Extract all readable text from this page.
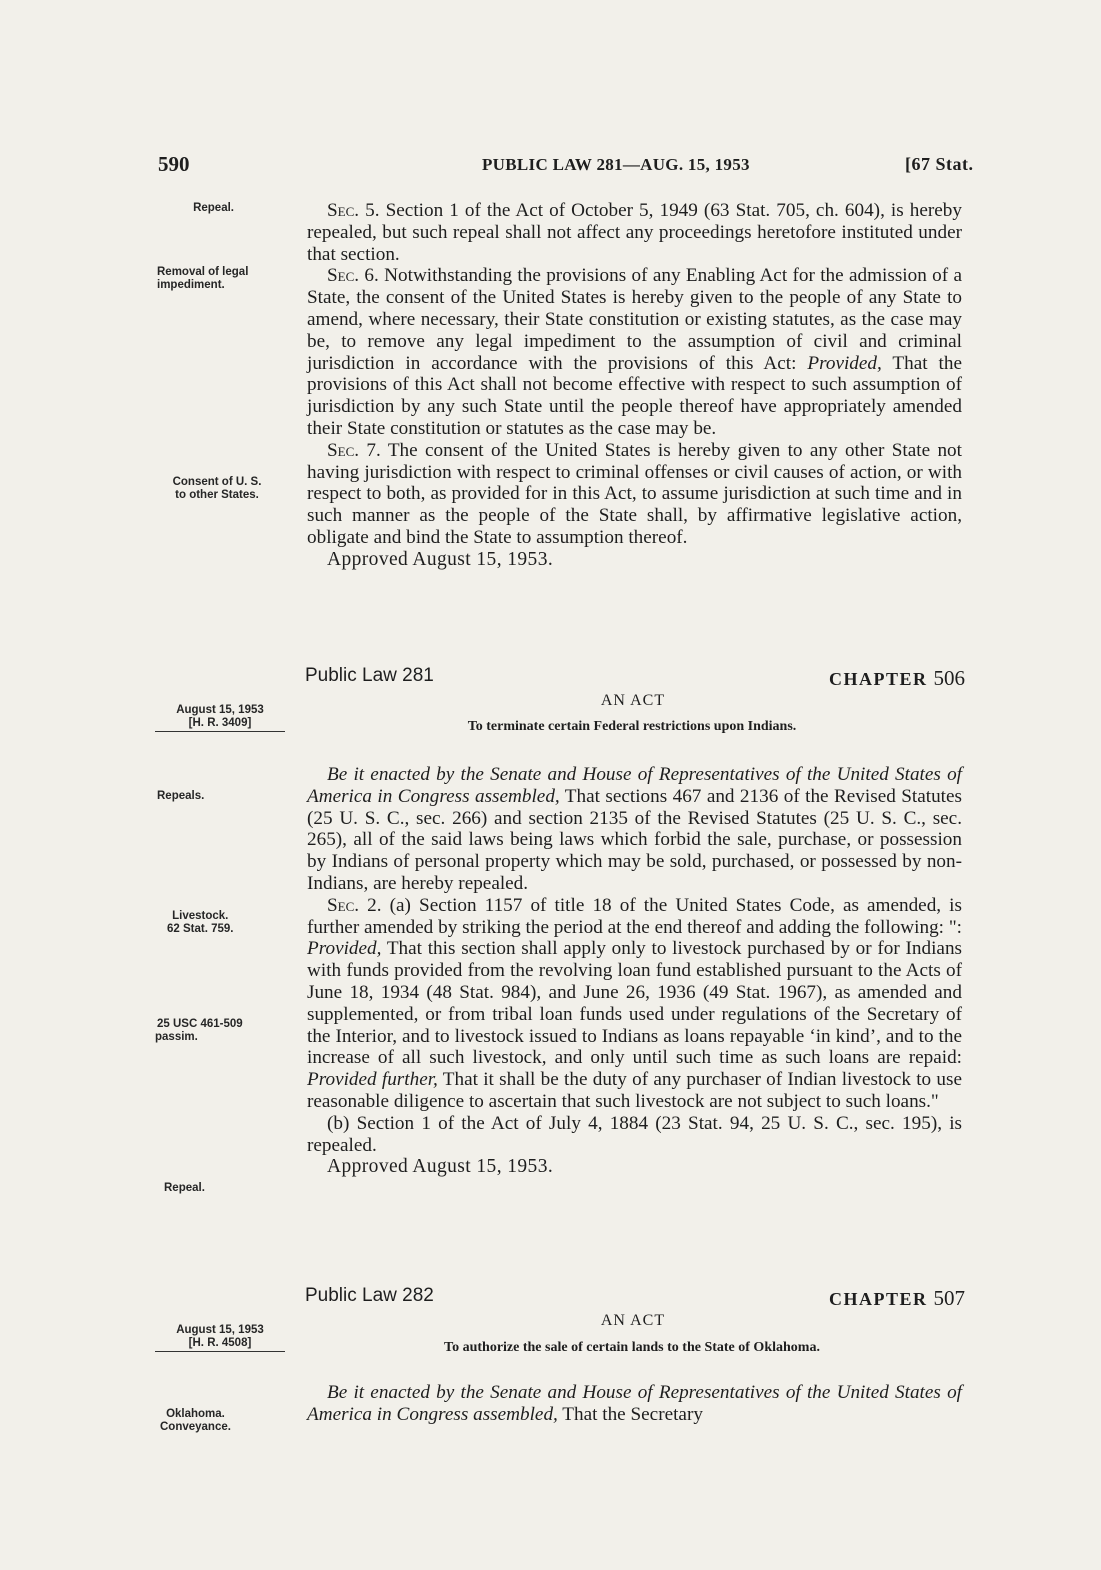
590	PUBLIC LAW 281—AUG. 15, 1953	[67 Stat.
Repeal.
Removal of legal
impediment.
Consent of U. S.
to other States.

Sec. 5. Section 1 of the Act of October 5, 1949 (63 Stat. 705, ch. 604), is hereby repealed, but such repeal shall not affect any proceedings heretofore instituted under that section.

Sec. 6. Notwithstanding the provisions of any Enabling Act for the admission of a State, the consent of the United States is hereby given to the people of any State to amend, where necessary, their State constitution or existing statutes, as the case may be, to remove any legal impediment to the assumption of civil and criminal jurisdiction in accordance with the provisions of this Act: Provided, That the provisions of this Act shall not become effective with respect to such assumption of jurisdiction by any such State until the people thereof have appropriately amended their State constitution or statutes as the case may be.

Sec. 7. The consent of the United States is hereby given to any other State not having jurisdiction with respect to criminal offenses or civil causes of action, or with respect to both, as provided for in this Act, to assume jurisdiction at such time and in such manner as the people of the State shall, by affirmative legislative action, obligate and bind the State to assumption thereof.

Approved August 15, 1953.

Public Law 281	CHAPTER 506
AN ACT
To terminate certain Federal restrictions upon Indians.
August 15, 1953
[H. R. 3409]
Repeals.
Livestock.
62 Stat. 759.
25 USC 461-509
passim.
Repeal.

Be it enacted by the Senate and House of Representatives of the United States of America in Congress assembled, That sections 467 and 2136 of the Revised Statutes (25 U. S. C., sec. 266) and section 2135 of the Revised Statutes (25 U. S. C., sec. 265), all of the said laws being laws which forbid the sale, purchase, or possession by Indians of personal property which may be sold, purchased, or possessed by non-Indians, are hereby repealed.

Sec. 2. (a) Section 1157 of title 18 of the United States Code, as amended, is further amended by striking the period at the end thereof and adding the following: ": Provided, That this section shall apply only to livestock purchased by or for Indians with funds provided from the revolving loan fund established pursuant to the Acts of June 18, 1934 (48 Stat. 984), and June 26, 1936 (49 Stat. 1967), as amended and supplemented, or from tribal loan funds used under regulations of the Secretary of the Interior, and to livestock issued to Indians as loans repayable ‘in kind’, and to the increase of all such livestock, and only until such time as such loans are repaid: Provided further, That it shall be the duty of any purchaser of Indian livestock to use reasonable diligence to ascertain that such livestock are not subject to such loans."

(b) Section 1 of the Act of July 4, 1884 (23 Stat. 94, 25 U. S. C., sec. 195), is repealed.

Approved August 15, 1953.

Public Law 282	CHAPTER 507
AN ACT
To authorize the sale of certain lands to the State of Oklahoma.
August 15, 1953
[H. R. 4508]
Oklahoma.
Conveyance.

Be it enacted by the Senate and House of Representatives of the United States of America in Congress assembled, That the Secretary
